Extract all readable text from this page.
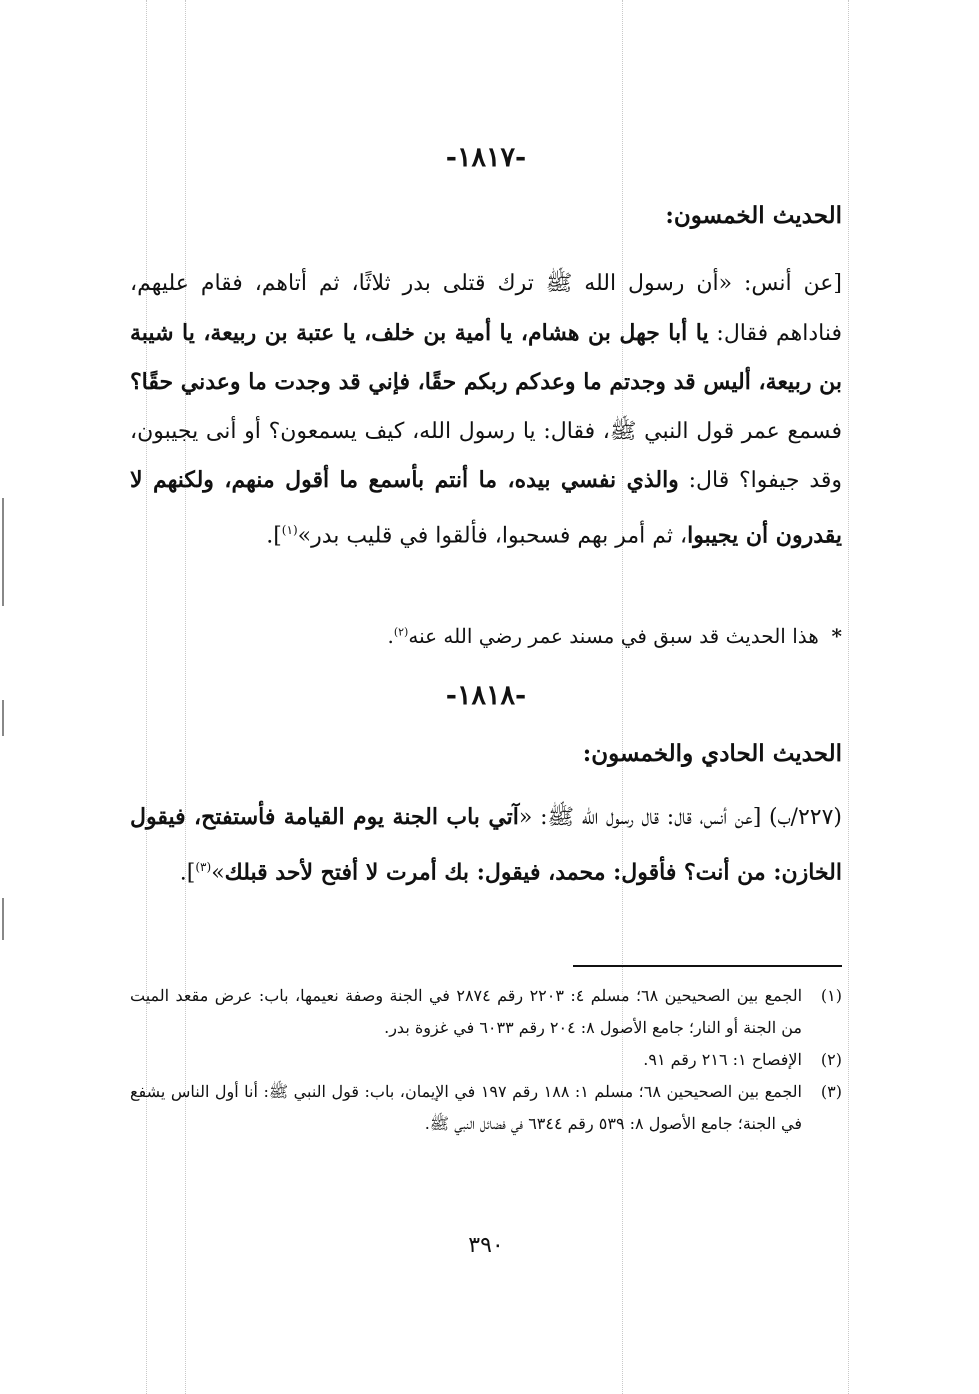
-١٨١٧-
الحديث الخمسون:
[عن أنس: «أن رسول الله ﷺ ترك قتلى بدر ثلاثًا، ثم أتاهم، فقام عليهم، فناداهم فقال: يا أبا جهل بن هشام، يا أمية بن خلف، يا عتبة بن ربيعة، يا شيبة بن ربيعة، أليس قد وجدتم ما وعدكم ربكم حقًا، فإني قد وجدت ما وعدني حقًا؟ فسمع عمر قول النبي ﷺ، فقال: يا رسول الله، كيف يسمعون؟ أو أنى يجيبون، وقد جيفوا؟ قال: والذي نفسي بيده، ما أنتم بأسمع ما أقول منهم، ولكنهم لا يقدرون أن يجيبوا، ثم أمر بهم فسحبوا، فألقوا في قليب بدر»$^{(١)}$].
*  هذا الحديث قد سبق في مسند عمر رضي الله عنه$^{(٢)}$.
-١٨١٨-
الحديث الحادي والخمسون:
(٢٢٧/ب) [عن أنس، قال: قال رسول الله ﷺ: «آتي باب الجنة يوم القيامة فأستفتح، فيقول الخازن: من أنت؟ فأقول: محمد، فيقول: بك أمرت لا أفتح لأحد قبلك»$^{(٣)}$].
(١)
الجمع بين الصحيحين ٦٨؛ مسلم ٤: ٢٢٠٣ رقم ٢٨٧٤ في الجنة وصفة نعيمها، باب: عرض مقعد الميت من الجنة أو النار؛ جامع الأصول ٨: ٢٠٤ رقم ٦٠٣٣ في غزوة بدر.
(٢)
الإفصاح ١: ٢١٦ رقم ٩١.
(٣)
الجمع بين الصحيحين ٦٨؛ مسلم ١: ١٨٨ رقم ١٩٧ في الإيمان، باب: قول النبي ﷺ: أنا أول الناس يشفع في الجنة؛ جامع الأصول ٨: ٥٣٩ رقم ٦٣٤٤ في فضائل النبي ﷺ.
٣٩٠
